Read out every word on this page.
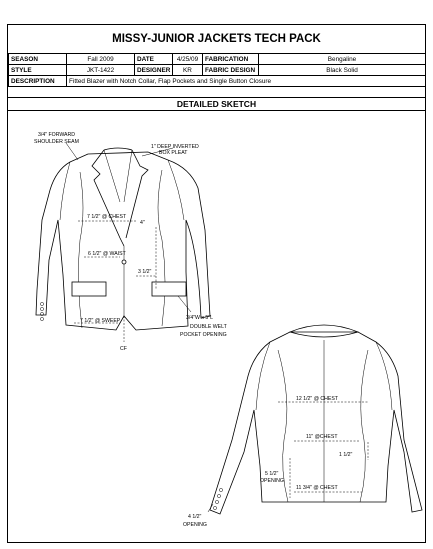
MISSY-JUNIOR JACKETS TECH PACK
SEASON	Fall 2009	DATE	4/25/09	FABRICATION	Bengaline
STYLE	JKT-1422	DESIGNER	KR	FABRIC DESIGN	Black Solid
DESCRIPTION	Fitted Blazer with Notch Collar, Flap Pockets and Single Button Closure				
DETAILED SKETCH
3/4" FORWARD
SHOULDER SEAM
1" DEEP INVERTED
BOX PLEAT
7 1/2" @ CHEST
4"
6 1/2" @ WAIST
3 1/2"
7 1/2" @ SWEEP	3/4"W x 5"L
DOUBLE WELT
POCKET OPENING
CF
12 1/2" @ CHEST
11" @CHEST
1 1/2"
5 1/2"
OPENING
11 3/4" @ CHEST
4 1/2"
OPENING
